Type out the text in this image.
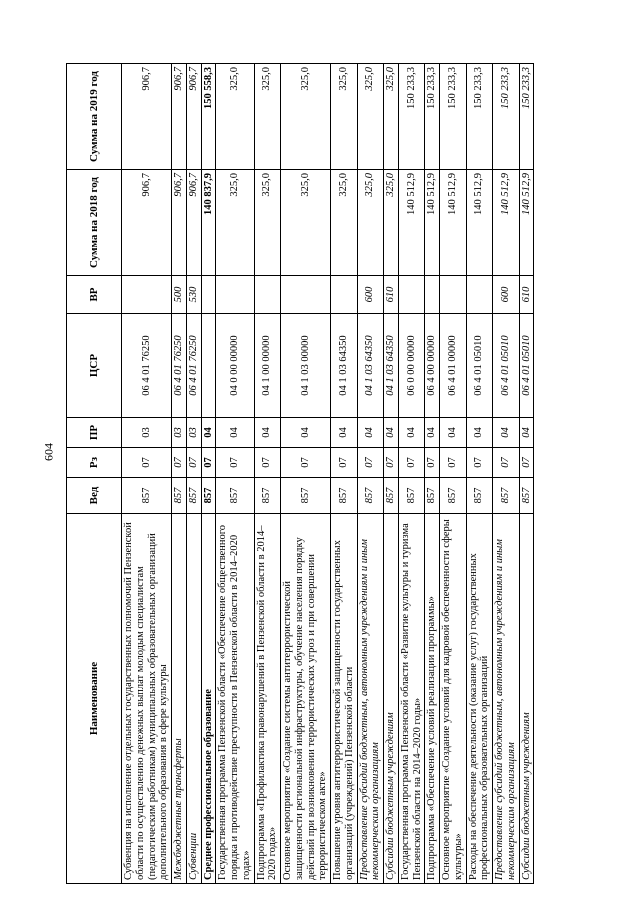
604
Наименование	Вед	Рз	ПР	ЦСР	ВР	Сумма на 2018 год	Сумма на 2019 год
Субвенция на исполнение отдельных государственных полномочий Пензенской области по осуществлению денежных выплат молодым специалистам (педагогическим работникам) муниципальных образовательных организаций дополнительного образования в сфере культуры	857	07	03	06 4 01 76250		906,7	906,7
Межбюджетные трансферты	857	07	03	06 4 01 76250	500	906,7	906,7
Субвенции	857	07	03	06 4 01 76250	530	906,7	906,7
Среднее профессиональное образование	857	07	04			140 837,9	150 558,3
Государственная программа Пензенской области «Обеспечение общественного порядка и противодействие преступности в Пензенской области в 2014–2020 годах»	857	07	04	04 0 00 00000		325,0	325,0
Подпрограмма «Профилактика правонарушений в Пензенской области в 2014–2020 годах»	857	07	04	04 1 00 00000		325,0	325,0
Основное мероприятие «Создание системы антитеррористической защищенности региональной инфраструктуры, обучение населения порядку действий при возникновении террористических угроз и при совершении террористическом акте»	857	07	04	04 1 03 00000		325,0	325,0
Повышение уровня антитеррористической защищенности государственных организаций (учреждений) Пензенской области	857	07	04	04 1 03 64350		325,0	325,0
Предоставление субсидий бюджетным, автономным учреждениям и иным некоммерческим организациям	857	07	04	04 1 03 64350	600	325,0	325,0
Субсидии бюджетным учреждениям	857	07	04	04 1 03 64350	610	325,0	325,0
Государственная программа Пензенской области «Развитие культуры и туризма Пензенской области на 2014–2020 годы»	857	07	04	06 0 00 00000		140 512,9	150 233,3
Подпрограмма «Обеспечение условий реализации программы»	857	07	04	06 4 00 00000		140 512,9	150 233,3
Основное мероприятие «Создание условий для кадровой обеспеченности сферы культуры»	857	07	04	06 4 01 00000		140 512,9	150 233,3
Расходы на обеспечение деятельности (оказание услуг) государственных профессиональных образовательных организаций	857	07	04	06 4 01 05010		140 512,9	150 233,3
Предоставление субсидий бюджетным, автономным учреждениям и иным некоммерческим организациям	857	07	04	06 4 01 05010	600	140 512,9	150 233,3
Субсидии бюджетным учреждениям	857	07	04	06 4 01 05010	610	140 512,9	150 233,3
